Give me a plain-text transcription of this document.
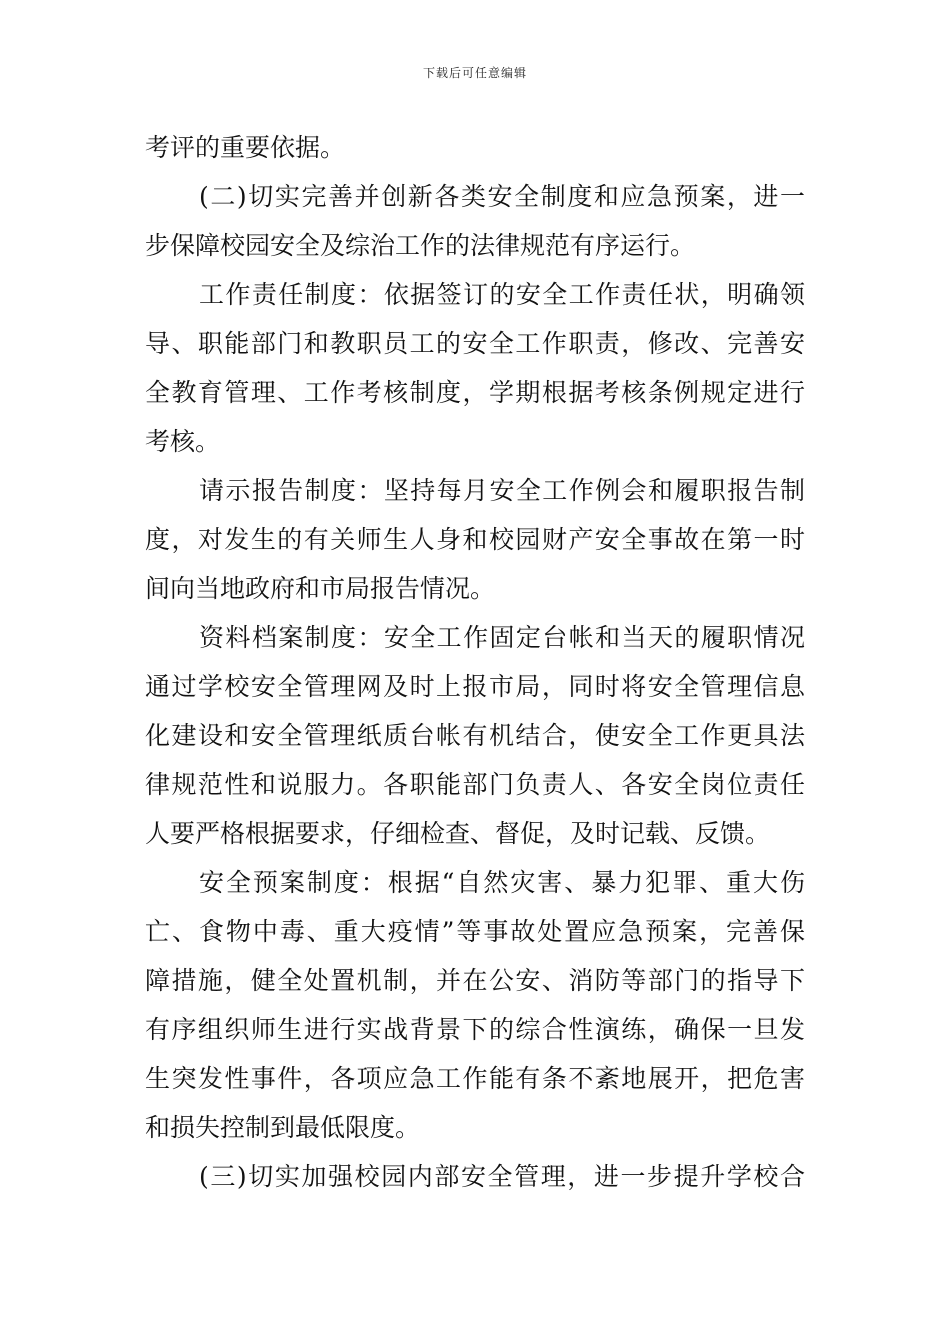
下载后可任意编辑
考评的重要依据。
(二)切实完善并创新各类安全制度和应急预案，进一
步保障校园安全及综治工作的法律规范有序运行。
工作责任制度：依据签订的安全工作责任状，明确领
导、职能部门和教职员工的安全工作职责，修改、完善安
全教育管理、工作考核制度，学期根据考核条例规定进行
考核。
请示报告制度：坚持每月安全工作例会和履职报告制
度，对发生的有关师生人身和校园财产安全事故在第一时
间向当地政府和市局报告情况。
资料档案制度：安全工作固定台帐和当天的履职情况
通过学校安全管理网及时上报市局，同时将安全管理信息
化建设和安全管理纸质台帐有机结合，使安全工作更具法
律规范性和说服力。各职能部门负责人、各安全岗位责任
人要严格根据要求，仔细检查、督促，及时记载、反馈。
安全预案制度：根据“自然灾害、暴力犯罪、重大伤
亡、食物中毒、重大疫情”等事故处置应急预案，完善保
障措施，健全处置机制，并在公安、消防等部门的指导下
有序组织师生进行实战背景下的综合性演练，确保一旦发
生突发性事件，各项应急工作能有条不紊地展开，把危害
和损失控制到最低限度。
(三)切实加强校园内部安全管理，进一步提升学校合
